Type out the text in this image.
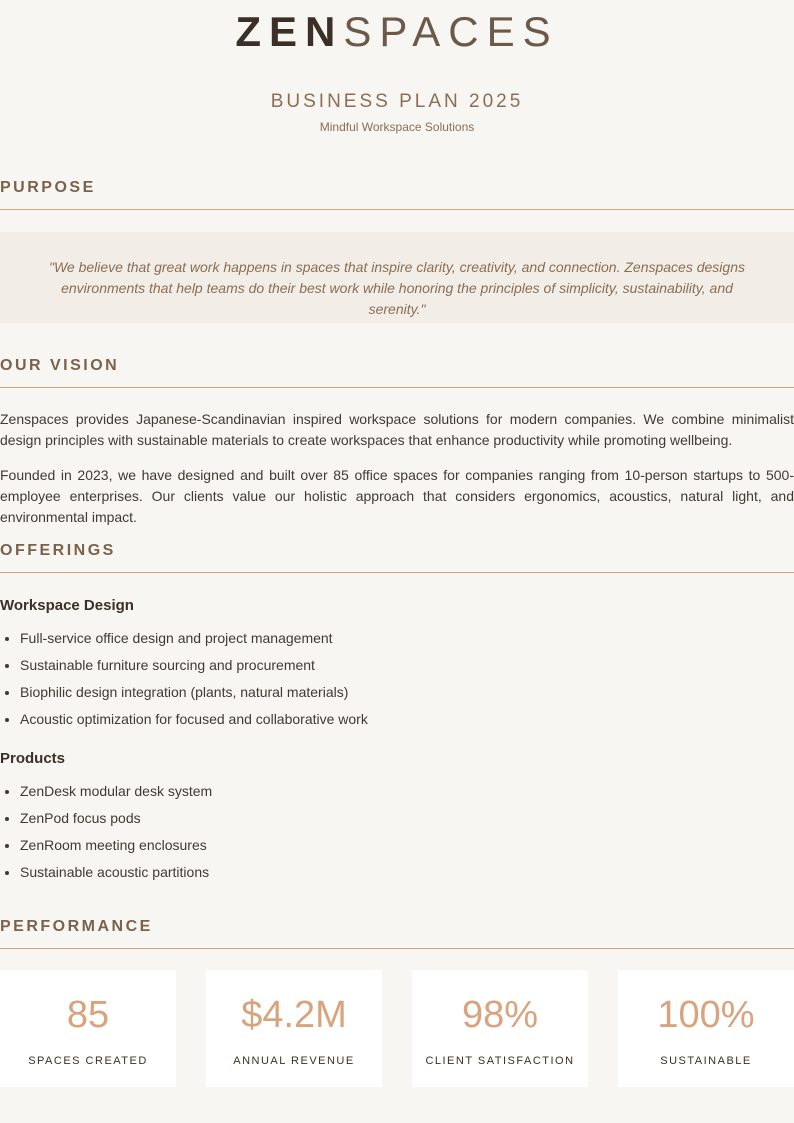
ZENSPACES
BUSINESS PLAN 2025
Mindful Workspace Solutions
PURPOSE

"We believe that great work happens in spaces that inspire clarity, creativity, and connection. Zenspaces designs environments that help teams do their best work while honoring the principles of simplicity, sustainability, and serenity."

OUR VISION

Zenspaces provides Japanese-Scandinavian inspired workspace solutions for modern companies. We combine minimalist design principles with sustainable materials to create workspaces that enhance productivity while promoting wellbeing.

Founded in 2023, we have designed and built over 85 office spaces for companies ranging from 10-person startups to 500-employee enterprises. Our clients value our holistic approach that considers ergonomics, acoustics, natural light, and environmental impact.

OFFERINGS
Workspace Design
• Full-service office design and project management
• Sustainable furniture sourcing and procurement
• Biophilic design integration (plants, natural materials)
• Acoustic optimization for focused and collaborative work
Products
• ZenDesk modular desk system
• ZenPod focus pods
• ZenRoom meeting enclosures
• Sustainable acoustic partitions
PERFORMANCE
85
SPACES CREATED
$4.2M
ANNUAL REVENUE
98%
CLIENT SATISFACTION
100%
SUSTAINABLE
